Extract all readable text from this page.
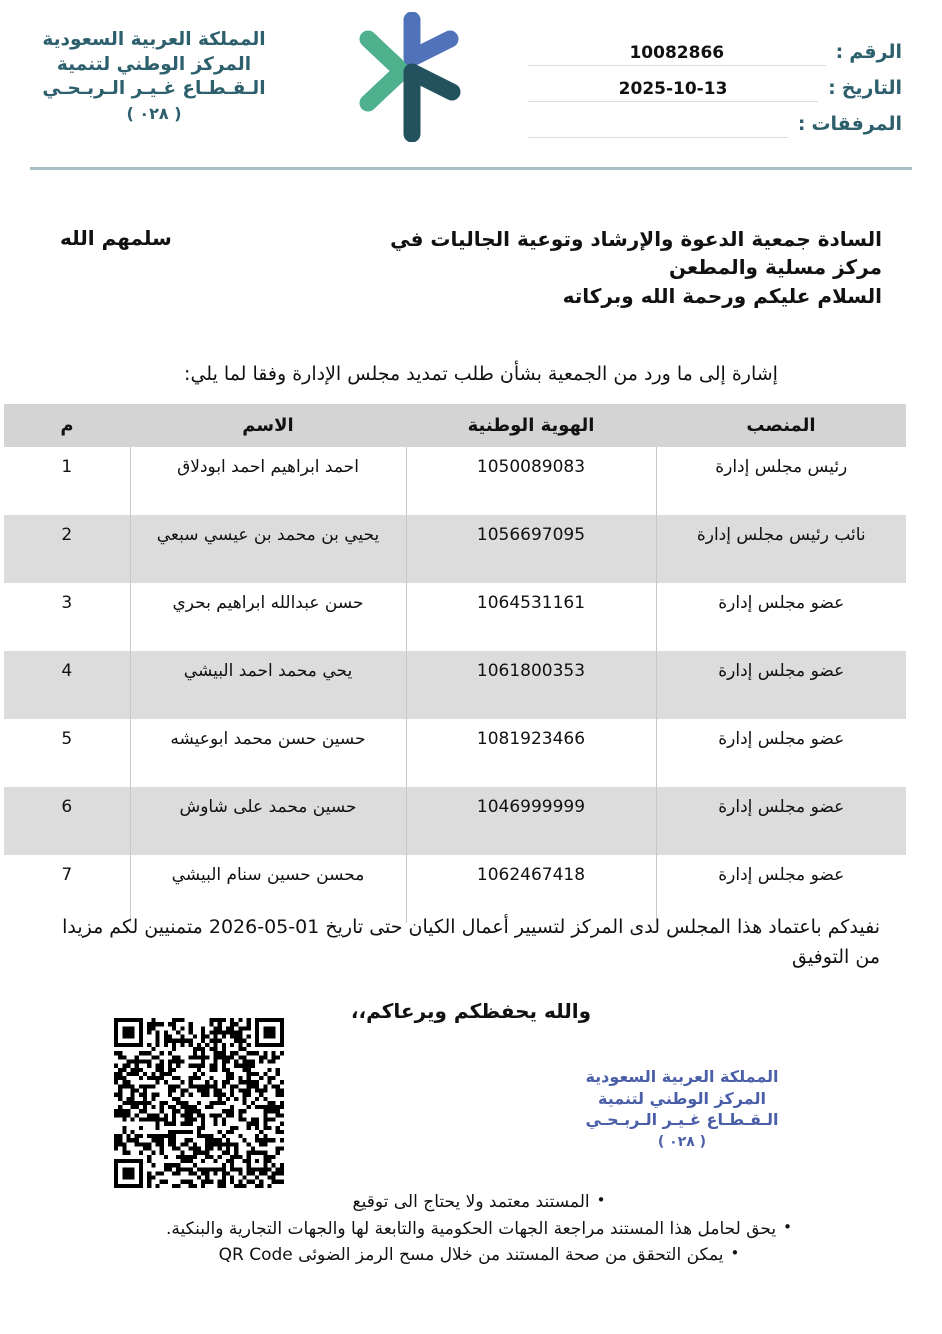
المملكة العربية السعودية
المركز الوطني لتنمية
الـقـطـاع غـيـر الـربـحـي
( ٠٢٨ )
الرقم
:
10082866
التاريخ
:
2025-10-13
المرفقات
:
السادة جمعية الدعوة والإرشاد وتوعية الجاليات في مركز مسلية والمطعن
سلمهم الله
السلام عليكم ورحمة الله وبركاته
إشارة إلى ما ورد من الجمعية بشأن طلب تمديد مجلس الإدارة وفقا لما يلي:
المنصب	الهوية الوطنية	الاسم	م
رئيس مجلس إدارة	1050089083	احمد ابراهيم احمد ابودلاق	1
نائب رئيس مجلس إدارة	1056697095	يحيي بن محمد بن عيسي سبعي	2
عضو مجلس إدارة	1064531161	حسن عبدالله ابراهيم بحري	3
عضو مجلس إدارة	1061800353	يحي محمد احمد البيشي	4
عضو مجلس إدارة	1081923466	حسين حسن محمد ابوعيشه	5
عضو مجلس إدارة	1046999999	حسين محمد على شاوش	6
عضو مجلس إدارة	1062467418	محسن حسين سنام البيشي	7
نفيدكم باعتماد هذا المجلس لدى المركز لتسيير أعمال الكيان حتى تاريخ 2026-05-01 متمنيين لكم مزيدا من التوفيق
والله يحفظكم ويرعاكم،،
المملكة العربية السعودية
المركز الوطني لتنمية
الـقـطـاع غـيـر الـربـحـي
( ٠٢٨ )
•المستند معتمد ولا يحتاج الى توقيع
•يحق لحامل هذا المستند مراجعة الجهات الحكومية والتابعة لها والجهات التجارية والبنكية.
•يمكن التحقق من صحة المستند من خلال مسح الرمز الضوئى QR Code
